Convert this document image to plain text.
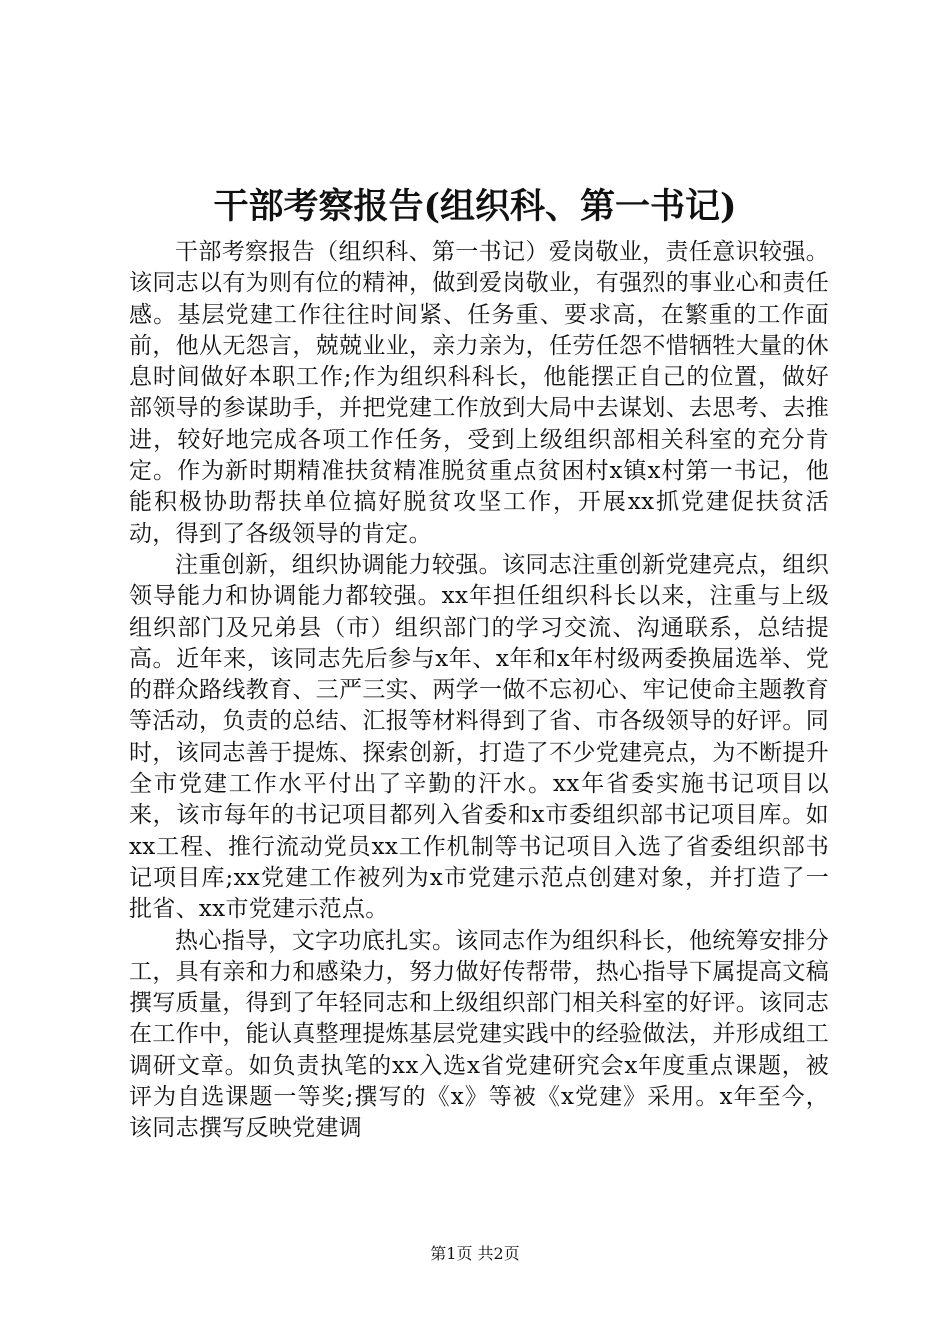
干部考察报告(组织科、第一书记)

干部考察报告（组织科、第一书记）爱岗敬业，责任意识较强。该同志以有为则有位的精神，做到爱岗敬业，有强烈的事业心和责任感。基层党建工作往往时间紧、任务重、要求高，在繁重的工作面前，他从无怨言，兢兢业业，亲力亲为，任劳任怨不惜牺牲大量的休息时间做好本职工作;作为组织科科长，他能摆正自己的位置，做好部领导的参谋助手，并把党建工作放到大局中去谋划、去思考、去推进，较好地完成各项工作任务，受到上级组织部相关科室的充分肯定。作为新时期精准扶贫精准脱贫重点贫困村x镇x村第一书记，他能积极协助帮扶单位搞好脱贫攻坚工作，开展xx抓党建促扶贫活动，得到了各级领导的肯定。

注重创新，组织协调能力较强。该同志注重创新党建亮点，组织领导能力和协调能力都较强。xx年担任组织科长以来，注重与上级组织部门及兄弟县（市）组织部门的学习交流、沟通联系，总结提高。近年来，该同志先后参与x年、x年和x年村级两委换届选举、党的群众路线教育、三严三实、两学一做不忘初心、牢记使命主题教育等活动，负责的总结、汇报等材料得到了省、市各级领导的好评。同时，该同志善于提炼、探索创新，打造了不少党建亮点，为不断提升全市党建工作水平付出了辛勤的汗水。xx年省委实施书记项目以来，该市每年的书记项目都列入省委和x市委组织部书记项目库。如xx工程、推行流动党员xx工作机制等书记项目入选了省委组织部书记项目库;xx党建工作被列为x市党建示范点创建对象，并打造了一批省、xx市党建示范点。

热心指导，文字功底扎实。该同志作为组织科长，他统筹安排分工，具有亲和力和感染力，努力做好传帮带，热心指导下属提高文稿撰写质量，得到了年轻同志和上级组织部门相关科室的好评。该同志在工作中，能认真整理提炼基层党建实践中的经验做法，并形成组工调研文章。如负责执笔的xx入选x省党建研究会x年度重点课题，被评为自选课题一等奖;撰写的《x》等被《x党建》采用。x年至今，该同志撰写反映党建调

第1页 共2页
